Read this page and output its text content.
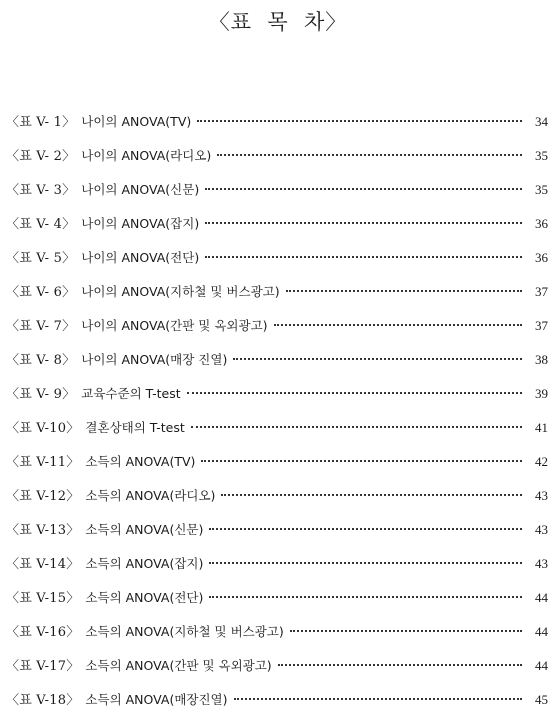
〈표  목  차〉
〈표 V- 1〉 나이의 ANOVA(TV)	34
〈표 V- 2〉 나이의 ANOVA(라디오)	35
〈표 V- 3〉 나이의 ANOVA(신문)	35
〈표 V- 4〉 나이의 ANOVA(잡지)	36
〈표 V- 5〉 나이의 ANOVA(전단)	36
〈표 V- 6〉 나이의 ANOVA(지하철 및 버스광고)	37
〈표 V- 7〉 나이의 ANOVA(간판 및 옥외광고)	37
〈표 V- 8〉 나이의 ANOVA(매장 진열)	38
〈표 V- 9〉 교육수준의 T-test	39
〈표 V-10〉 결혼상태의 T-test	41
〈표 V-11〉 소득의 ANOVA(TV)	42
〈표 V-12〉 소득의 ANOVA(라디오)	43
〈표 V-13〉 소득의 ANOVA(신문)	43
〈표 V-14〉 소득의 ANOVA(잡지)	43
〈표 V-15〉 소득의 ANOVA(전단)	44
〈표 V-16〉 소득의 ANOVA(지하철 및 버스광고)	44
〈표 V-17〉 소득의 ANOVA(간판 및 옥외광고)	44
〈표 V-18〉 소득의 ANOVA(매장진열)	45
